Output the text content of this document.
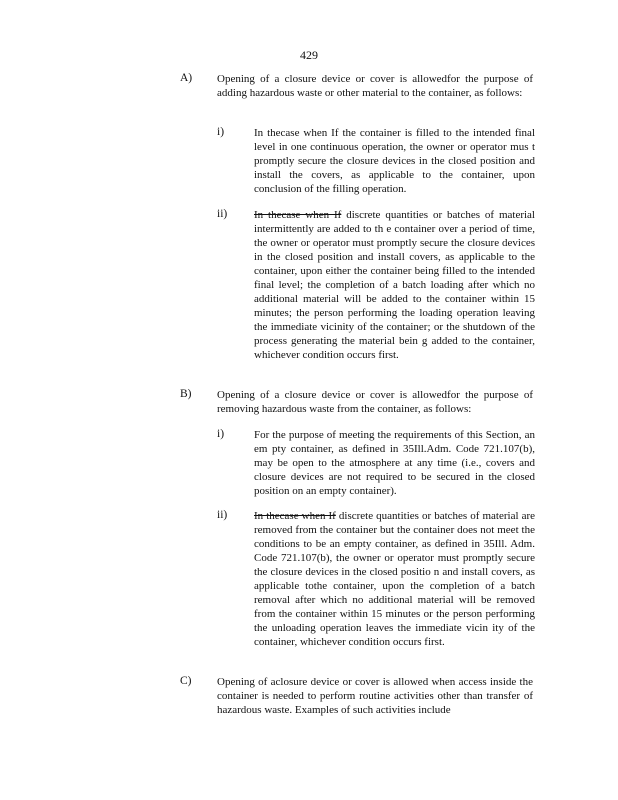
429
A) Opening of a closure device or cover is allowedfor the purpose of adding hazardous waste or other material to the container, as follows:
i)	In thecase when If the container is filled to the intended final level in one continuous operation, the owner or operator mus t promptly secure the closure devices in the closed position and install the covers, as applicable to the container, upon conclusion of the filling operation.
ii) In thecase when If discrete quantities or batches of material intermittently are added to th e container over a period of time, the owner or operator must promptly secure the closure devices in the closed position and install covers, as applicable to the container, upon either the container being filled to the intended final level; the completion of a batch loading after which no additional material will be added to the container within 15 minutes; the person performing the loading operation leaving the immediate vicinity of the container; or the shutdown of the process generating the material bein g added to the container, whichever condition occurs first.
B) Opening of a closure device or cover is allowedfor the purpose of removing hazardous waste from the container, as follows:
i)	For the purpose of meeting the requirements of this Section, an em pty container, as defined in 35Ill.Adm. Code 721.107(b), may be open to the atmosphere at any time (i.e., covers and closure devices are not required to be secured in the closed position on an empty container).
ii) In thecase when If discrete quantities or batches of material are removed from the container but the container does not meet the conditions to be an empty container, as defined in 35Ill. Adm. Code 721.107(b), the owner or operator must promptly secure the closure devices in the closed positio n and install covers, as applicable tothe container, upon the completion of a batch removal after which no additional material will be removed from the container within 15 minutes or the person performing the unloading operation leaves the immediate vicin ity of the container, whichever condition occurs first.
C) Opening of aclosure device or cover is allowed when access inside the container is needed to perform routine activities other than transfer of hazardous waste. Examples of such activities include
